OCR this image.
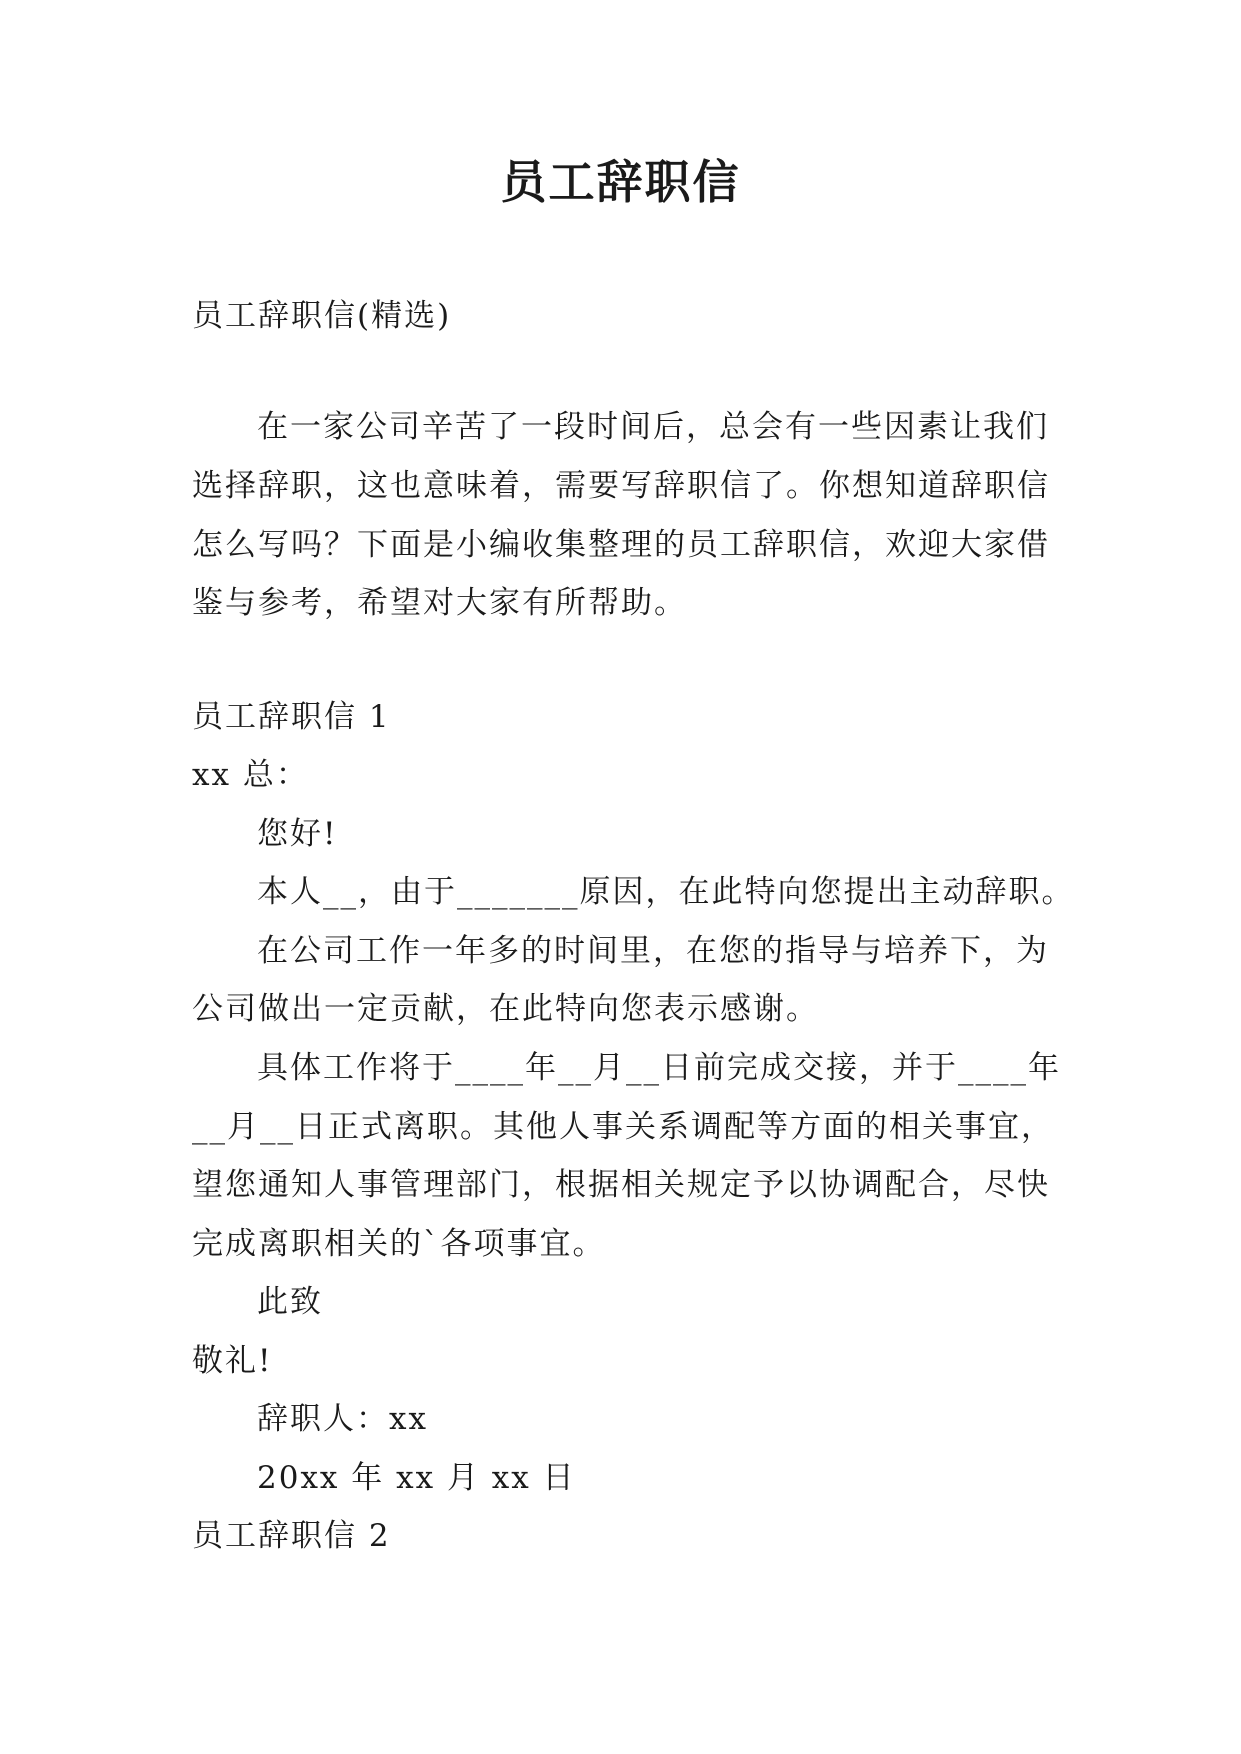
员工辞职信
员工辞职信(精选)
在一家公司辛苦了一段时间后，总会有一些因素让我们
选择辞职，这也意味着，需要写辞职信了。你想知道辞职信
怎么写吗？下面是小编收集整理的员工辞职信，欢迎大家借
鉴与参考，希望对大家有所帮助。
员工辞职信 1
xx 总：
您好!
本人__，由于_______原因，在此特向您提出主动辞职。
在公司工作一年多的时间里，在您的指导与培养下，为
公司做出一定贡献，在此特向您表示感谢。
具体工作将于____年__月__日前完成交接，并于____年
__月__日正式离职。其他人事关系调配等方面的相关事宜，
望您通知人事管理部门，根据相关规定予以协调配合，尽快
完成离职相关的`各项事宜。
此致
敬礼!
辞职人：xx
20xx 年 xx 月 xx 日
员工辞职信 2
